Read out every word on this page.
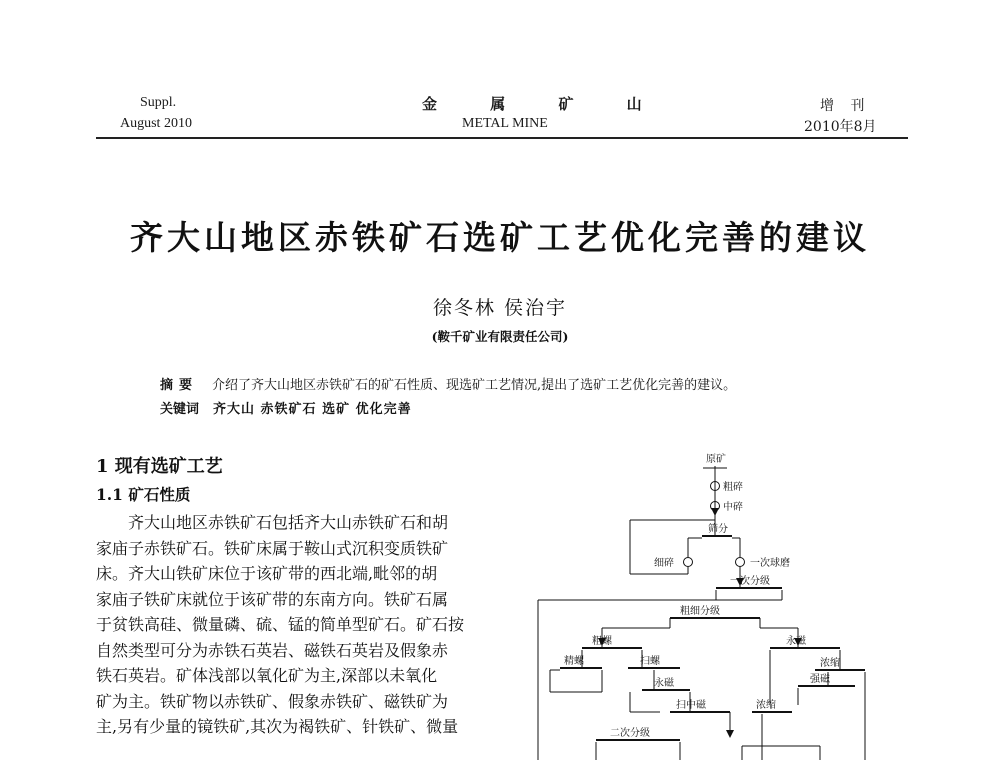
Suppl.
August 2010
金 属 矿 山
METAL MINE
增 刊
2010年8月
齐大山地区赤铁矿石选矿工艺优化完善的建议
徐冬林 侯治宇
(鞍千矿业有限责任公司)
摘要 介绍了齐大山地区赤铁矿石的矿石性质、现选矿工艺情况,提出了选矿工艺优化完善的建议。
关键词 齐大山 赤铁矿石 选矿 优化完善
1 现有选矿工艺
1.1 矿石性质

齐大山地区赤铁矿石包括齐大山赤铁矿石和胡

家庙子赤铁矿石。铁矿床属于鞍山式沉积变质铁矿

床。齐大山铁矿床位于该矿带的西北端,毗邻的胡

家庙子铁矿床就位于该矿带的东南方向。铁矿石属

于贫铁高硅、微量磷、硫、锰的简单型矿石。矿石按

自然类型可分为赤铁石英岩、磁铁石英岩及假象赤

铁石英岩。矿体浅部以氧化矿为主,深部以未氧化

矿为主。铁矿物以赤铁矿、假象赤铁矿、磁铁矿为

主,另有少量的镜铁矿,其次为褐铁矿、针铁矿、微量

原矿
粗碎
中碎
筛分
细碎	一次球磨
一次分级
粗细分级
粗螺	永磁
精螺	扫螺	浓缩
永磁	强磁
扫中磁	浓缩
二次分级
